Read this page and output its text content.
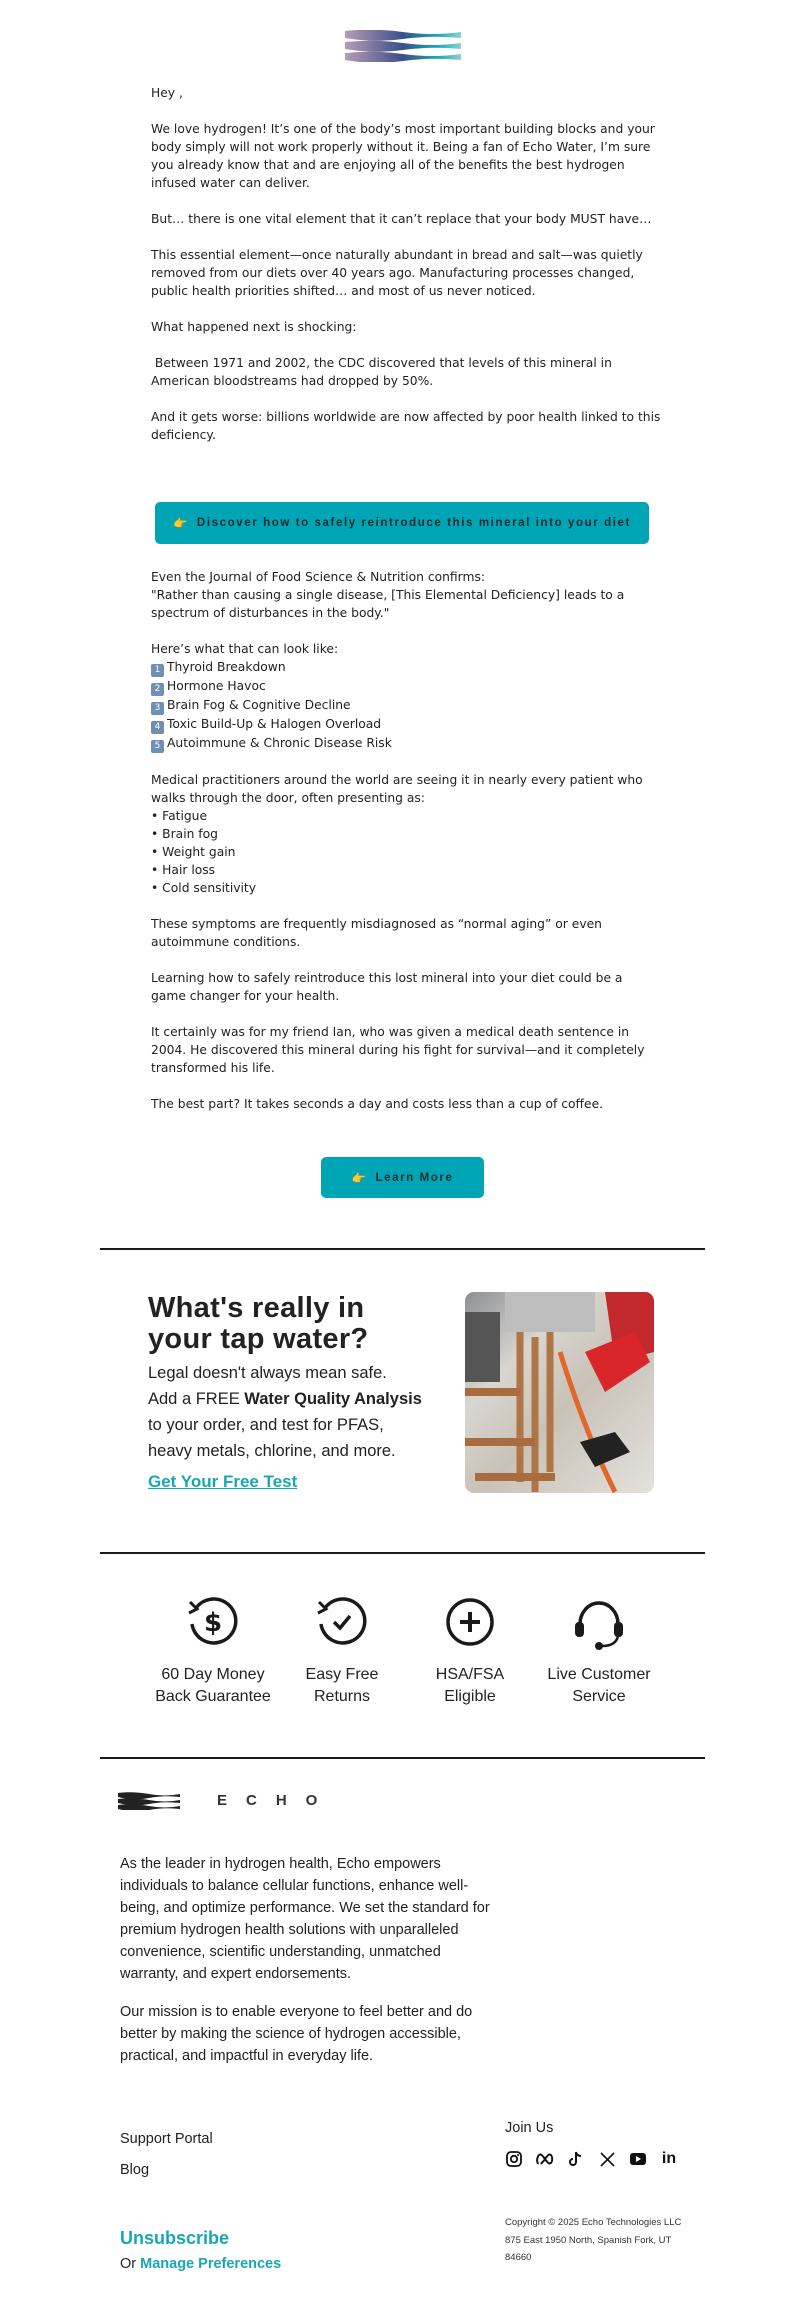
Hey ,

We love hydrogen! It’s one of the body’s most important building blocks and your body simply will not work properly without it. Being a fan of Echo Water, I’m sure you already know that and are enjoying all of the benefits the best hydrogen infused water can deliver.

But… there is one vital element that it can’t replace that your body MUST have…

This essential element—once naturally abundant in bread and salt—was quietly removed from our diets over 40 years ago. Manufacturing processes changed, public health priorities shifted… and most of us never noticed.

What happened next is shocking:

Between 1971 and 2002, the CDC discovered that levels of this mineral in American bloodstreams had dropped by 50%.

And it gets worse: billions worldwide are now affected by poor health linked to this deficiency.

👉 Discover how to safely reintroduce this mineral into your diet

Even the Journal of Food Science & Nutrition confirms:
"Rather than causing a single disease, [This Elemental Deficiency] leads to a spectrum of disturbances in the body."

Here’s what that can look like:

1 Thyroid Breakdown
2 Hormone Havoc
3 Brain Fog & Cognitive Decline
4 Toxic Build-Up & Halogen Overload
5 Autoimmune & Chronic Disease Risk

Medical practitioners around the world are seeing it in nearly every patient who walks through the door, often presenting as:

• Fatigue
• Brain fog
• Weight gain
• Hair loss
• Cold sensitivity

These symptoms are frequently misdiagnosed as “normal aging” or even autoimmune conditions.

Learning how to safely reintroduce this lost mineral into your diet could be a game changer for your health.

It certainly was for my friend Ian, who was given a medical death sentence in 2004. He discovered this mineral during his fight for survival—and it completely transformed his life.

The best part? It takes seconds a day and costs less than a cup of coffee.

👉 Learn More
What's really in
your tap water?
Legal doesn't always mean safe.
Add a FREE Water Quality Analysis
to your order, and test for PFAS,
heavy metals, chlorine, and more.
Get Your Free Test
$
60 Day Money
Back Guarantee
Easy Free
Returns
HSA/FSA
Eligible
Live Customer
Service
ECHO
As the leader in hydrogen health, Echo empowers individuals to balance cellular functions, enhance well-being, and optimize performance. We set the standard for premium hydrogen health solutions with unparalleled convenience, scientific understanding, unmatched warranty, and expert endorsements.
Our mission is to enable everyone to feel better and do better by making the science of hydrogen accessible, practical, and impactful in everyday life.
Support Portal
Blog
Join Us
in
Unsubscribe
Or Manage Preferences
Copyright © 2025 Echo Technologies LLC
875 East 1950 North, Spanish Fork, UT
84660
